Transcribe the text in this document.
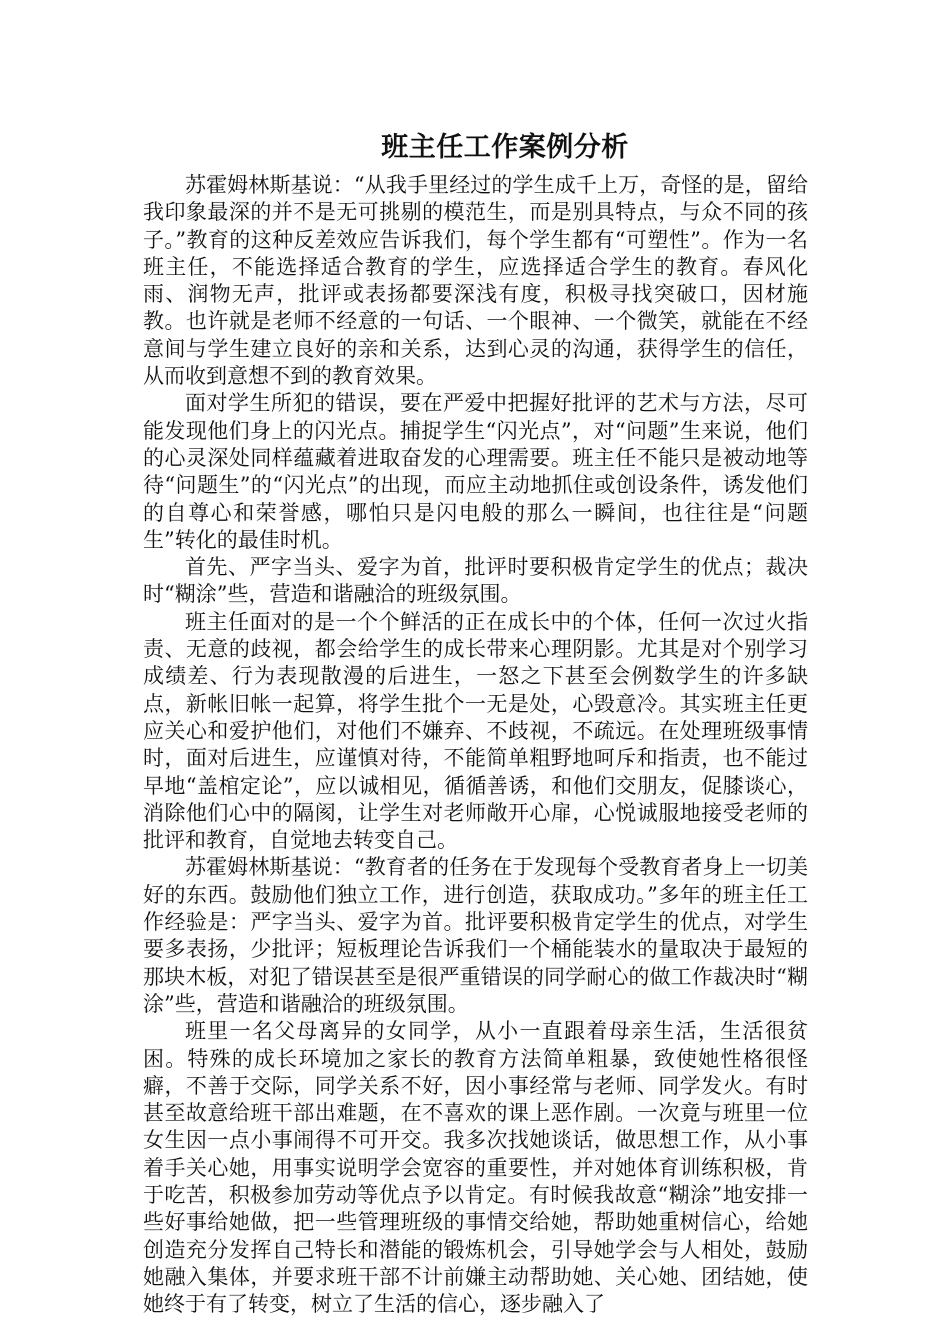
班主任工作案例分析

苏霍姆林斯基说：“从我手里经过的学生成千上万，奇怪的是，留给我印象最深的并不是无可挑剔的模范生，而是别具特点，与众不同的孩子。”教育的这种反差效应告诉我们，每个学生都有“可塑性”。作为一名班主任，不能选择适合教育的学生，应选择适合学生的教育。春风化雨、润物无声，批评或表扬都要深浅有度，积极寻找突破口，因材施教。也许就是老师不经意的一句话、一个眼神、一个微笑，就能在不经意间与学生建立良好的亲和关系，达到心灵的沟通，获得学生的信任，从而收到意想不到的教育效果。

面对学生所犯的错误，要在严爱中把握好批评的艺术与方法，尽可能发现他们身上的闪光点。捕捉学生“闪光点”，对“问题”生来说，他们的心灵深处同样蕴藏着进取奋发的心理需要。班主任不能只是被动地等待“问题生”的“闪光点”的出现，而应主动地抓住或创设条件，诱发他们的自尊心和荣誉感，哪怕只是闪电般的那么一瞬间，也往往是“问题生”转化的最佳时机。

首先、严字当头、爱字为首，批评时要积极肯定学生的优点；裁决时“糊涂”些，营造和谐融洽的班级氛围。

班主任面对的是一个个鲜活的正在成长中的个体，任何一次过火指责、无意的歧视，都会给学生的成长带来心理阴影。尤其是对个别学习成绩差、行为表现散漫的后进生，一怒之下甚至会例数学生的许多缺点，新帐旧帐一起算，将学生批个一无是处，心毁意冷。其实班主任更应关心和爱护他们，对他们不嫌弃、不歧视，不疏远。在处理班级事情时，面对后进生，应谨慎对待，不能简单粗野地呵斥和指责，也不能过早地“盖棺定论”，应以诚相见，循循善诱，和他们交朋友，促膝谈心，消除他们心中的隔阂，让学生对老师敞开心扉，心悦诚服地接受老师的批评和教育，自觉地去转变自己。

苏霍姆林斯基说：“教育者的任务在于发现每个受教育者身上一切美好的东西。鼓励他们独立工作，进行创造，获取成功。”多年的班主任工作经验是：严字当头、爱字为首。批评要积极肯定学生的优点，对学生要多表扬，少批评；短板理论告诉我们一个桶能装水的量取决于最短的那块木板，对犯了错误甚至是很严重错误的同学耐心的做工作裁决时“糊涂”些，营造和谐融洽的班级氛围。

班里一名父母离异的女同学，从小一直跟着母亲生活，生活很贫困。特殊的成长环境加之家长的教育方法简单粗暴，致使她性格很怪癖，不善于交际，同学关系不好，因小事经常与老师、同学发火。有时甚至故意给班干部出难题，在不喜欢的课上恶作剧。一次竟与班里一位女生因一点小事闹得不可开交。我多次找她谈话，做思想工作，从小事着手关心她，用事实说明学会宽容的重要性，并对她体育训练积极，肯于吃苦，积极参加劳动等优点予以肯定。有时候我故意“糊涂”地安排一些好事给她做，把一些管理班级的事情交给她，帮助她重树信心，给她创造充分发挥自己特长和潜能的锻炼机会，引导她学会与人相处，鼓励她融入集体，并要求班干部不计前嫌主动帮助她、关心她、团结她，使她终于有了转变，树立了生活的信心，逐步融入了
